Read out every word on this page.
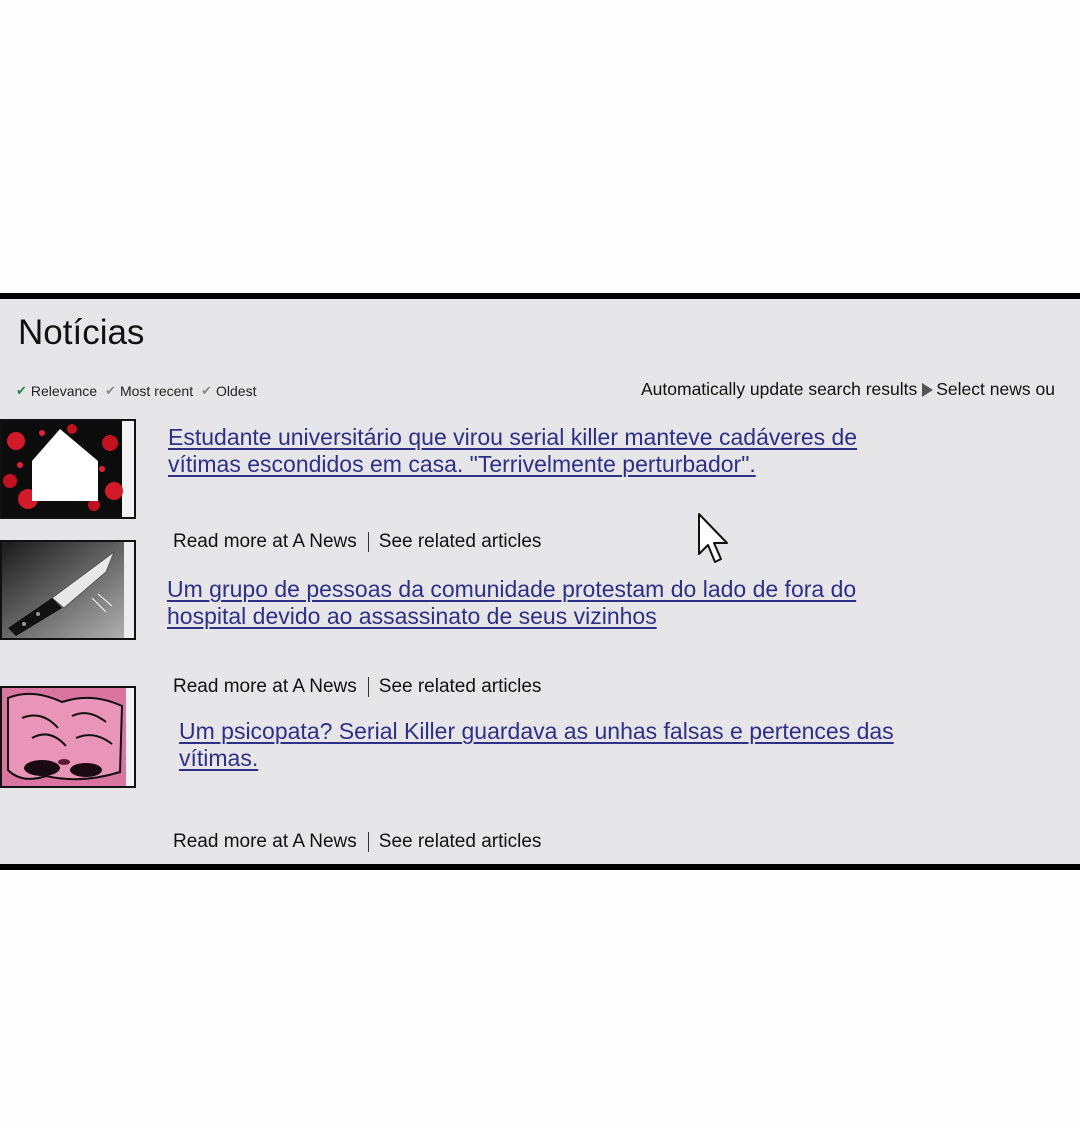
Notícias
✔ Relevance ✔ Most recent ✔ Oldest	Automatically update search results Select news ou
Estudante universitário que virou serial killer manteve cadáveres de vítimas escondidos em casa. "Terrivelmente perturbador".
Read more at A News See related articles
Um grupo de pessoas da comunidade protestam do lado de fora do hospital devido ao assassinato de seus vizinhos
Read more at A News See related articles
Um psicopata? Serial Killer guardava as unhas falsas e pertences das vítimas.
Read more at A News See related articles
